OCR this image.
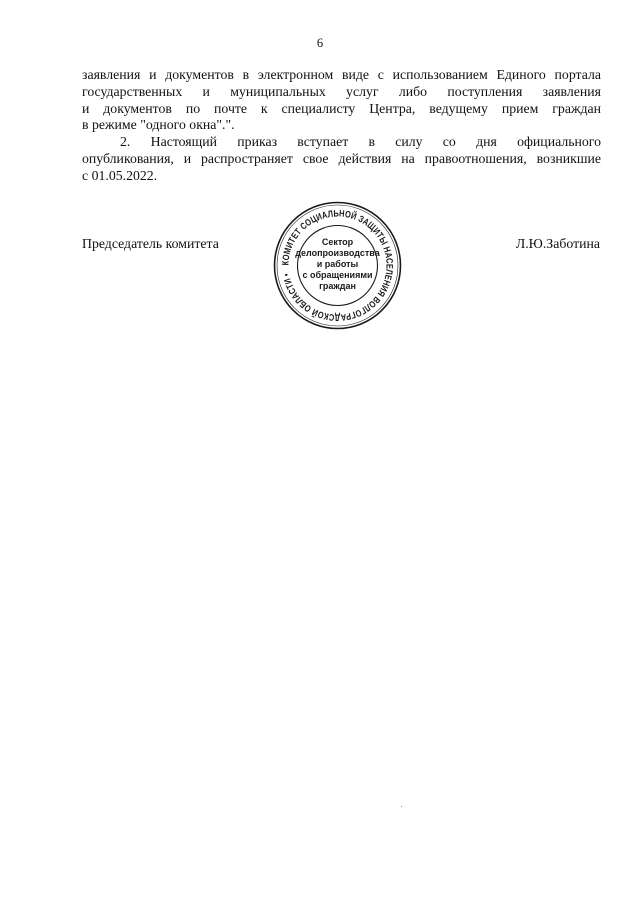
6
заявления и документов в электронном виде с использованием Единого портала
государственных и муниципальных услуг либо поступления заявления
и документов по почте к специалисту Центра, ведущему прием граждан
в режиме "одного окна".".
2. Настоящий приказ вступает в силу со дня официального
опубликования, и распространяет свое действия на правоотношения, возникшие
с 01.05.2022.
Председатель комитета	Л.Ю.Заботина
КОМИТЕТ СОЦИАЛЬНОЙ ЗАЩИТЫ НАСЕЛЕНИЯ ВОЛГОГРАДСКОЙ ОБЛАСТИ •
Сектор
делопроизводства
и работы
с обращениями
граждан
